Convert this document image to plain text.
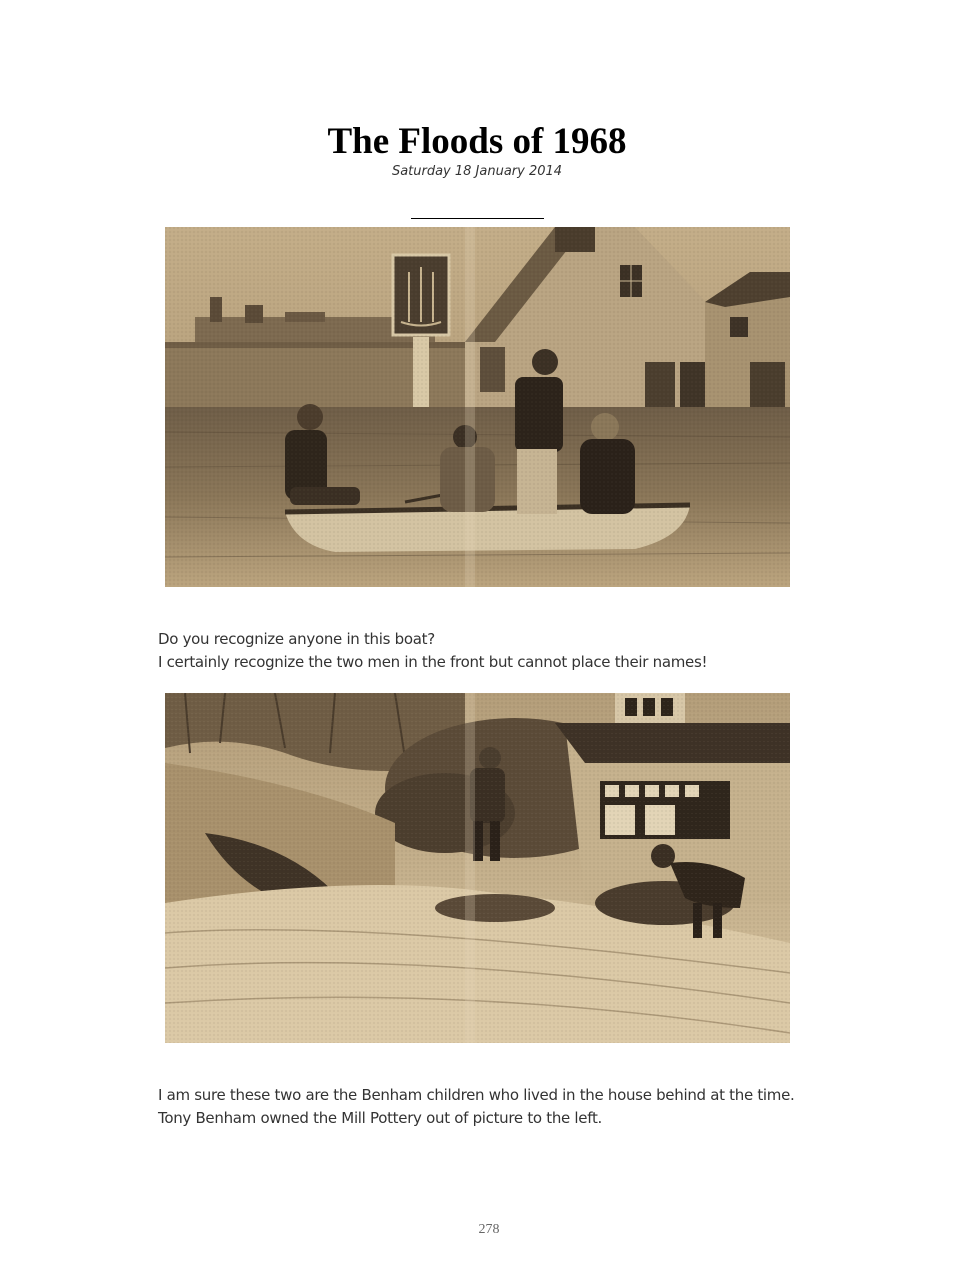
The Floods of 1968
Saturday 18 January 2014
Do you recognize anyone in this boat?
I certainly recognize the two men in the front but cannot place their names!
I am sure these two are the Benham children who lived in the house behind at the time.
Tony Benham owned the Mill Pottery out of picture to the left.
278
